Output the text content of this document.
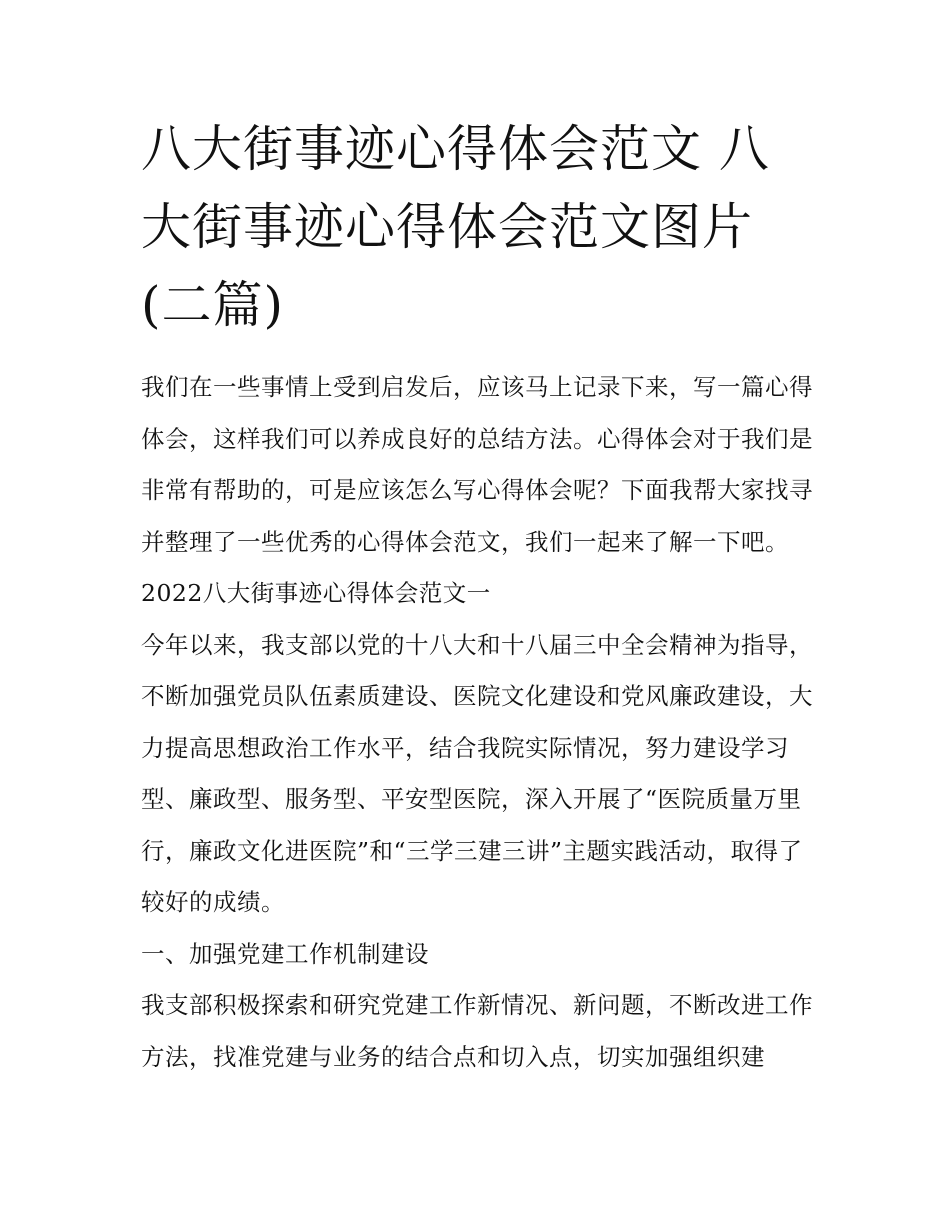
八大街事迹心得体会范文 八大街事迹心得体会范文图片(二篇)

我们在一些事情上受到启发后，应该马上记录下来，写一篇心得体会，这样我们可以养成良好的总结方法。心得体会对于我们是非常有帮助的，可是应该怎么写心得体会呢？下面我帮大家找寻并整理了一些优秀的心得体会范文，我们一起来了解一下吧。

2022八大街事迹心得体会范文一

今年以来，我支部以党的十八大和十八届三中全会精神为指导，不断加强党员队伍素质建设、医院文化建设和党风廉政建设，大力提高思想政治工作水平，结合我院实际情况，努力建设学习型、廉政型、服务型、平安型医院，深入开展了“医院质量万里行，廉政文化进医院”和“三学三建三讲”主题实践活动，取得了较好的成绩。

一、加强党建工作机制建设

我支部积极探索和研究党建工作新情况、新问题，不断改进工作方法，找准党建与业务的结合点和切入点，切实加强组织建
